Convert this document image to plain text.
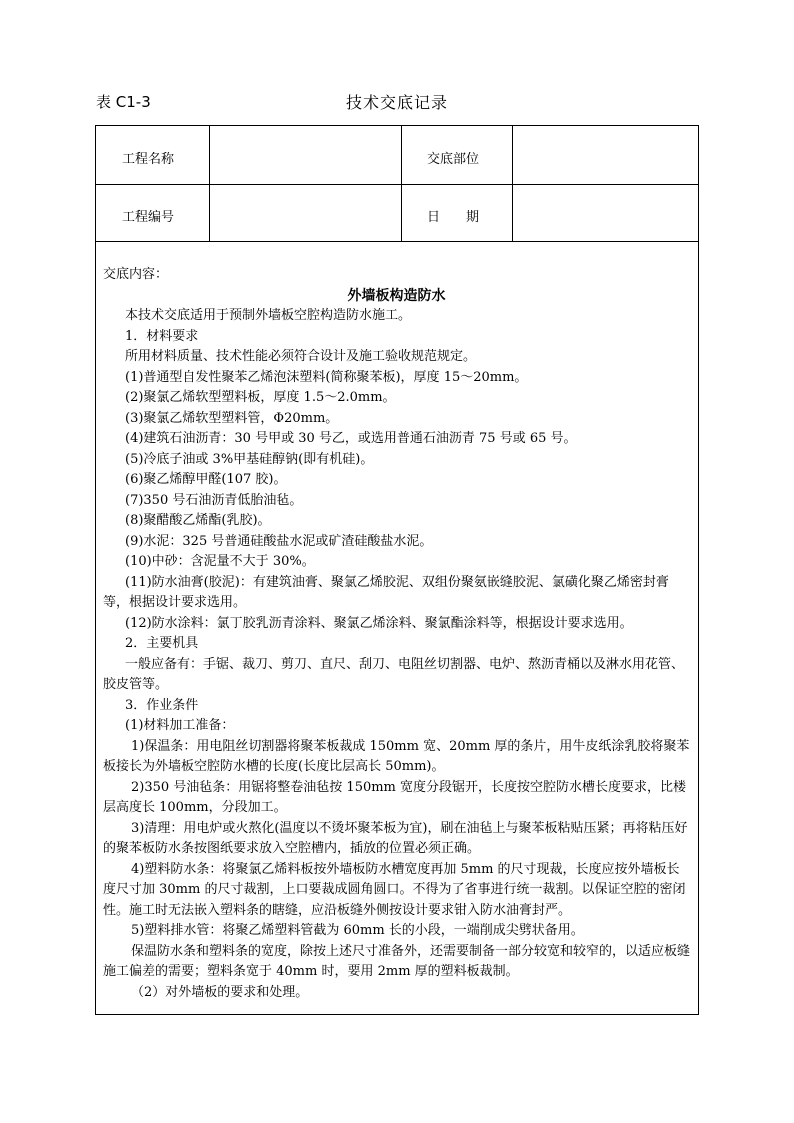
表 C1-3	技术交底记录
工程名称	交底部位
工程编号	日　　期

交底内容：

外墙板构造防水

本技术交底适用于预制外墙板空腔构造防水施工。

1．材料要求

所用材料质量、技术性能必须符合设计及施工验收规范规定。

(1)普通型自发性聚苯乙烯泡沫塑料(简称聚苯板)，厚度 15～20mm。

(2)聚氯乙烯软型塑料板，厚度 1.5～2.0mm。

(3)聚氯乙烯软型塑料管，Φ20mm。

(4)建筑石油沥青：30 号甲或 30 号乙，或选用普通石油沥青 75 号或 65 号。

(5)冷底子油或 3%甲基硅醇钠(即有机硅)。

(6)聚乙烯醇甲醛(107 胶)。

(7)350 号石油沥青低胎油毡。

(8)聚醋酸乙烯酯(乳胶)。

(9)水泥：325 号普通硅酸盐水泥或矿渣硅酸盐水泥。

(10)中砂：含泥量不大于 30%。

(11)防水油膏(胶泥)：有建筑油膏、聚氯乙烯胶泥、双组份聚氨嵌缝胶泥、氯磺化聚乙烯密封膏等，根据设计要求选用。

(12)防水涂料：氯丁胶乳沥青涂料、聚氯乙烯涂料、聚氯酯涂料等，根据设计要求选用。

2．主要机具

一般应备有：手锯、裁刀、剪刀、直尺、刮刀、电阻丝切割器、电炉、熬沥青桶以及淋水用花管、胶皮管等。

3．作业条件

(1)材料加工准备：

1)保温条：用电阻丝切割器将聚苯板裁成 150mm 宽、20mm 厚的条片，用牛皮纸涂乳胶将聚苯板接长为外墙板空腔防水槽的长度(长度比层高长 50mm)。

2)350 号油毡条：用锯将整卷油毡按 150mm 宽度分段锯开，长度按空腔防水槽长度要求，比楼层高度长 100mm，分段加工。

3)清理：用电炉或火熬化(温度以不烫坏聚苯板为宜)，刷在油毡上与聚苯板粘贴压紧；再将粘压好的聚苯板防水条按图纸要求放入空腔槽内，插放的位置必须正确。

4)塑料防水条：将聚氯乙烯料板按外墙板防水槽宽度再加 5mm 的尺寸现裁，长度应按外墙板长度尺寸加 30mm 的尺寸裁割，上口要裁成圆角圆口。不得为了省事进行统一裁割。以保证空腔的密闭性。施工时无法嵌入塑料条的瞎缝，应沿板缝外侧按设计要求钳入防水油膏封严。

5)塑料排水管：将聚乙烯塑料管截为 60mm 长的小段，一端削成尖劈状备用。

保温防水条和塑料条的宽度，除按上述尺寸准备外，还需要制备一部分较宽和较窄的，以适应板缝施工偏差的需要；塑料条宽于 40mm 时，要用 2mm 厚的塑料板裁制。

（2）对外墙板的要求和处理。
